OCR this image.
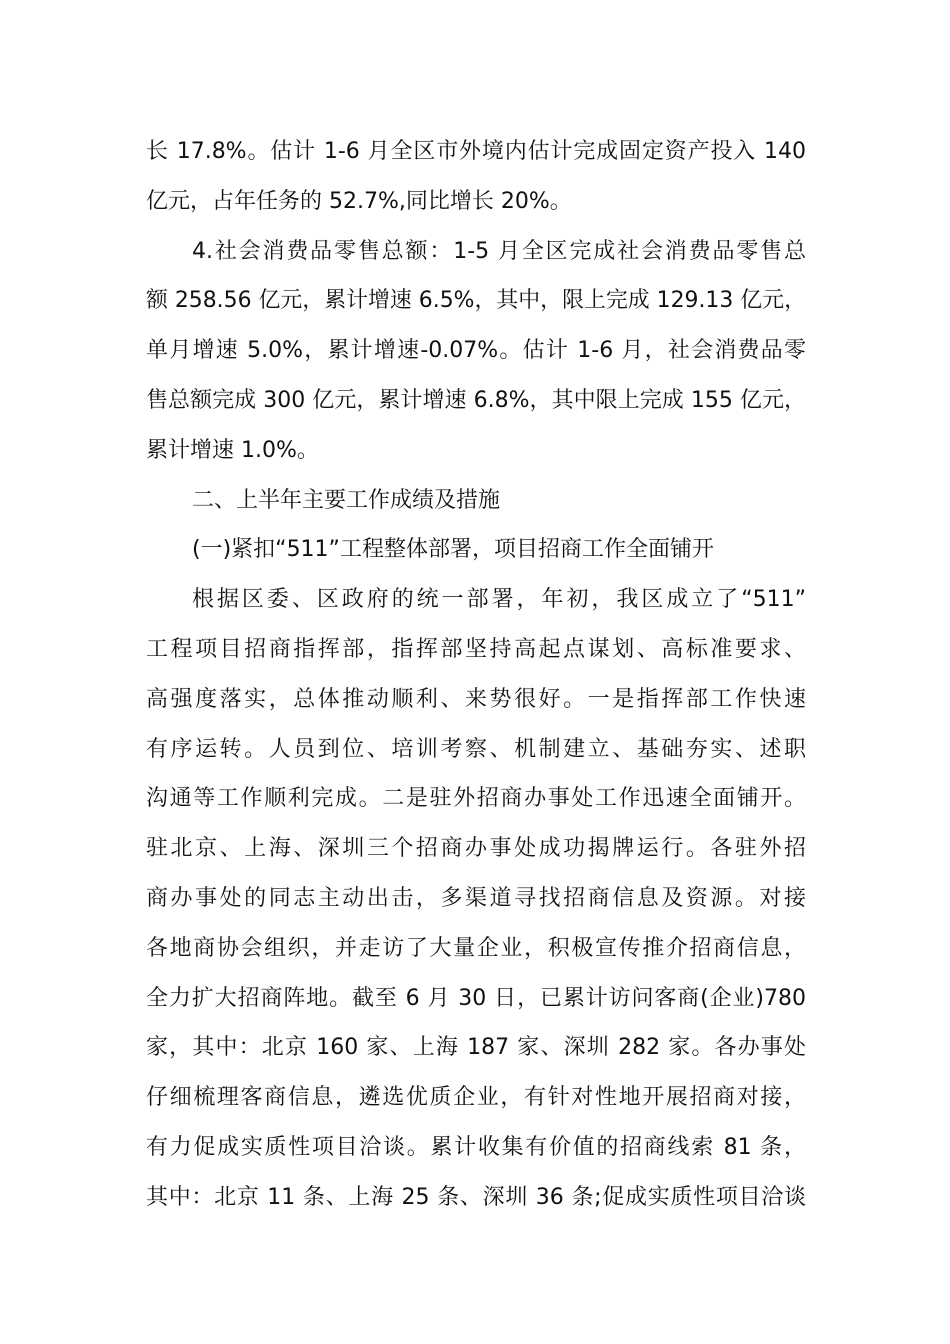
长 17.8%。估计 1-6 月全区市外境内估计完成固定资产投入 140
亿元，占年任务的 52.7%,同比增长 20%。
4.社会消费品零售总额：1-5 月全区完成社会消费品零售总
额 258.56 亿元，累计增速 6.5%，其中，限上完成 129.13 亿元，
单月增速 5.0%，累计增速-0.07%。估计 1-6 月，社会消费品零
售总额完成 300 亿元，累计增速 6.8%，其中限上完成 155 亿元，
累计增速 1.0%。
二、上半年主要工作成绩及措施
(一)紧扣“511”工程整体部署，项目招商工作全面铺开
根据区委、区政府的统一部署，年初，我区成立了“511”
工程项目招商指挥部，指挥部坚持高起点谋划、高标准要求、
高强度落实，总体推动顺利、来势很好。一是指挥部工作快速
有序运转。人员到位、培训考察、机制建立、基础夯实、述职
沟通等工作顺利完成。二是驻外招商办事处工作迅速全面铺开。
驻北京、上海、深圳三个招商办事处成功揭牌运行。各驻外招
商办事处的同志主动出击，多渠道寻找招商信息及资源。对接
各地商协会组织，并走访了大量企业，积极宣传推介招商信息，
全力扩大招商阵地。截至 6 月 30 日，已累计访问客商(企业)780
家，其中：北京 160 家、上海 187 家、深圳 282 家。各办事处
仔细梳理客商信息，遴选优质企业，有针对性地开展招商对接，
有力促成实质性项目洽谈。累计收集有价值的招商线索 81 条，
其中：北京 11 条、上海 25 条、深圳 36 条;促成实质性项目洽谈
